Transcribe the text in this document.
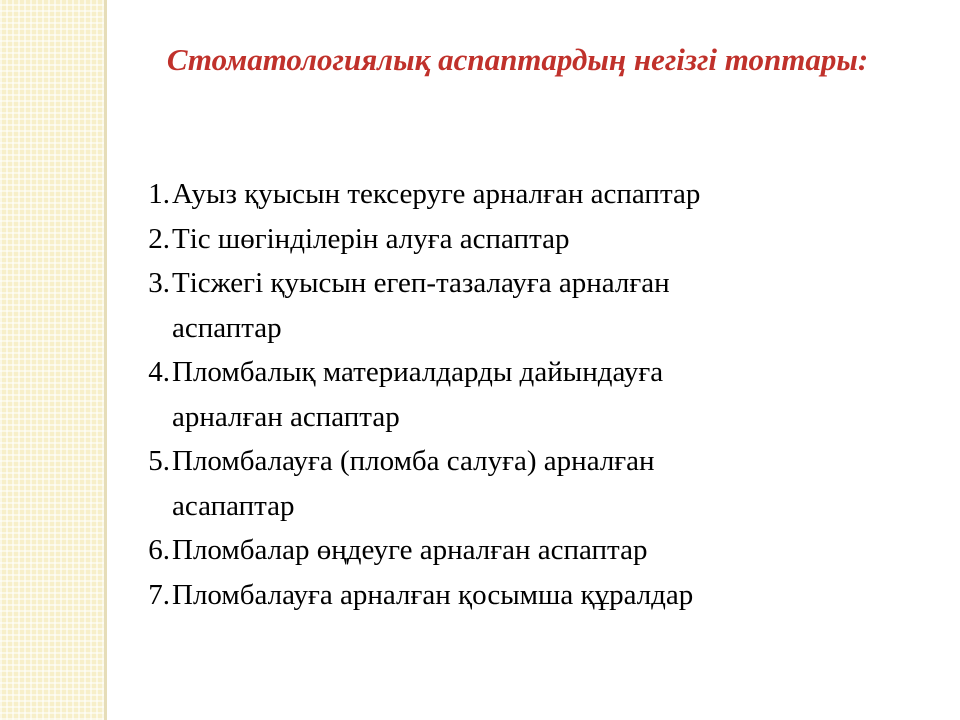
Стоматологиялық аспаптардың негізгі топтары:
1. Ауыз қуысын тексеруге арналған аспаптар
2. Тіс шөгінділерін алуға аспаптар
3. Тісжегі қуысын егеп-тазалауға арналған
аспаптар
4. Пломбалық материалдарды дайындауға
арналған аспаптар
5. Пломбалауға (пломба салуға) арналған
асапаптар
6. Пломбалар өңдеуге арналған аспаптар
7. Пломбалауға арналған қосымша құралдар
